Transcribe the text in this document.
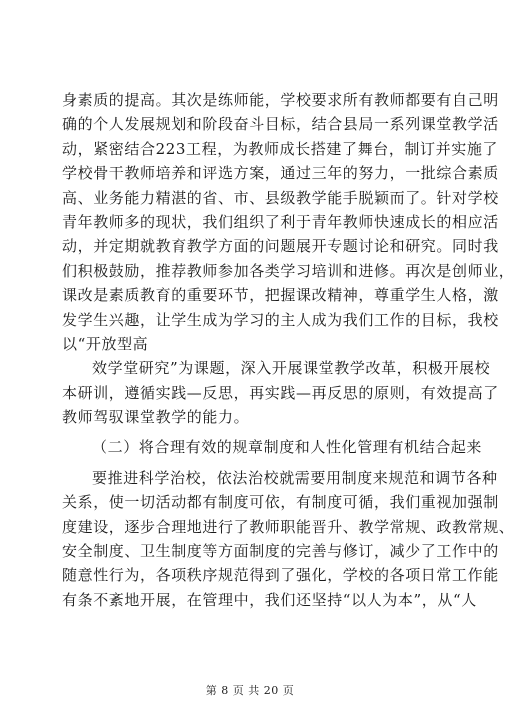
身素质的提高。其次是练师能，学校要求所有教师都要有自己明
确的个人发展规划和阶段奋斗目标，结合县局一系列课堂教学活
动，紧密结合223工程，为教师成长搭建了舞台，制订并实施了
学校骨干教师培养和评选方案，通过三年的努力，一批综合素质
高、业务能力精湛的省、市、县级教学能手脱颖而了。针对学校
青年教师多的现状，我们组织了利于青年教师快速成长的相应活
动，并定期就教育教学方面的问题展开专题讨论和研究。同时我
们积极鼓励，推荐教师参加各类学习培训和进修。再次是创师业，
课改是素质教育的重要环节，把握课改精神，尊重学生人格，激
发学生兴趣，让学生成为学习的主人成为我们工作的目标，我校
以“开放型高
效学堂研究”为课题，深入开展课堂教学改革，积极开展校
本研训，遵循实践—反思，再实践—再反思的原则，有效提高了
教师驾驭课堂教学的能力。
（二）将合理有效的规章制度和人性化管理有机结合起来
要推进科学治校，依法治校就需要用制度来规范和调节各种
关系，使一切活动都有制度可依，有制度可循，我们重视加强制
度建设，逐步合理地进行了教师职能晋升、教学常规、政教常规、
安全制度、卫生制度等方面制度的完善与修订，减少了工作中的
随意性行为，各项秩序规范得到了强化，学校的各项日常工作能
有条不紊地开展，在管理中，我们还坚持“以人为本”，从“人
第 8 页 共 20 页
